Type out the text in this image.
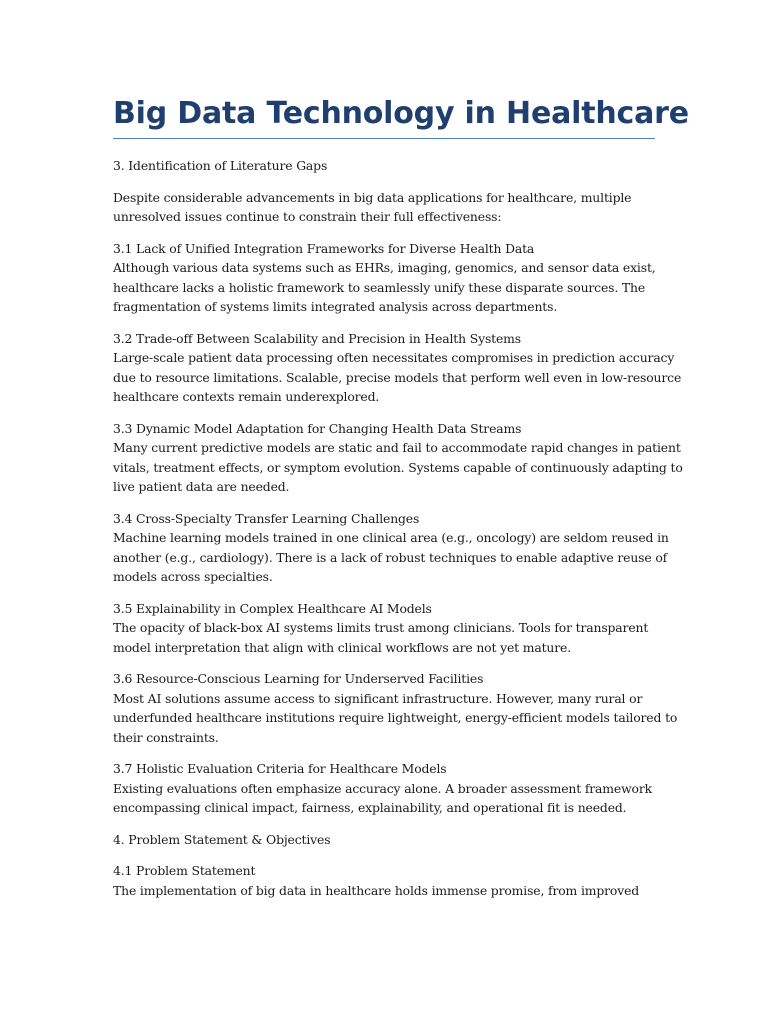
Big Data Technology in Healthcare
3. Identification of Literature Gaps
Despite considerable advancements in big data applications for healthcare, multiple
unresolved issues continue to constrain their full effectiveness:
3.1 Lack of Unified Integration Frameworks for Diverse Health Data
Although various data systems such as EHRs, imaging, genomics, and sensor data exist,
healthcare lacks a holistic framework to seamlessly unify these disparate sources. The
fragmentation of systems limits integrated analysis across departments.
3.2 Trade-off Between Scalability and Precision in Health Systems
Large-scale patient data processing often necessitates compromises in prediction accuracy
due to resource limitations. Scalable, precise models that perform well even in low-resource
healthcare contexts remain underexplored.
3.3 Dynamic Model Adaptation for Changing Health Data Streams
Many current predictive models are static and fail to accommodate rapid changes in patient
vitals, treatment effects, or symptom evolution. Systems capable of continuously adapting to
live patient data are needed.
3.4 Cross-Specialty Transfer Learning Challenges
Machine learning models trained in one clinical area (e.g., oncology) are seldom reused in
another (e.g., cardiology). There is a lack of robust techniques to enable adaptive reuse of
models across specialties.
3.5 Explainability in Complex Healthcare AI Models
The opacity of black-box AI systems limits trust among clinicians. Tools for transparent
model interpretation that align with clinical workflows are not yet mature.
3.6 Resource-Conscious Learning for Underserved Facilities
Most AI solutions assume access to significant infrastructure. However, many rural or
underfunded healthcare institutions require lightweight, energy-efficient models tailored to
their constraints.
3.7 Holistic Evaluation Criteria for Healthcare Models
Existing evaluations often emphasize accuracy alone. A broader assessment framework
encompassing clinical impact, fairness, explainability, and operational fit is needed.
4. Problem Statement & Objectives
4.1 Problem Statement
The implementation of big data in healthcare holds immense promise, from improved
